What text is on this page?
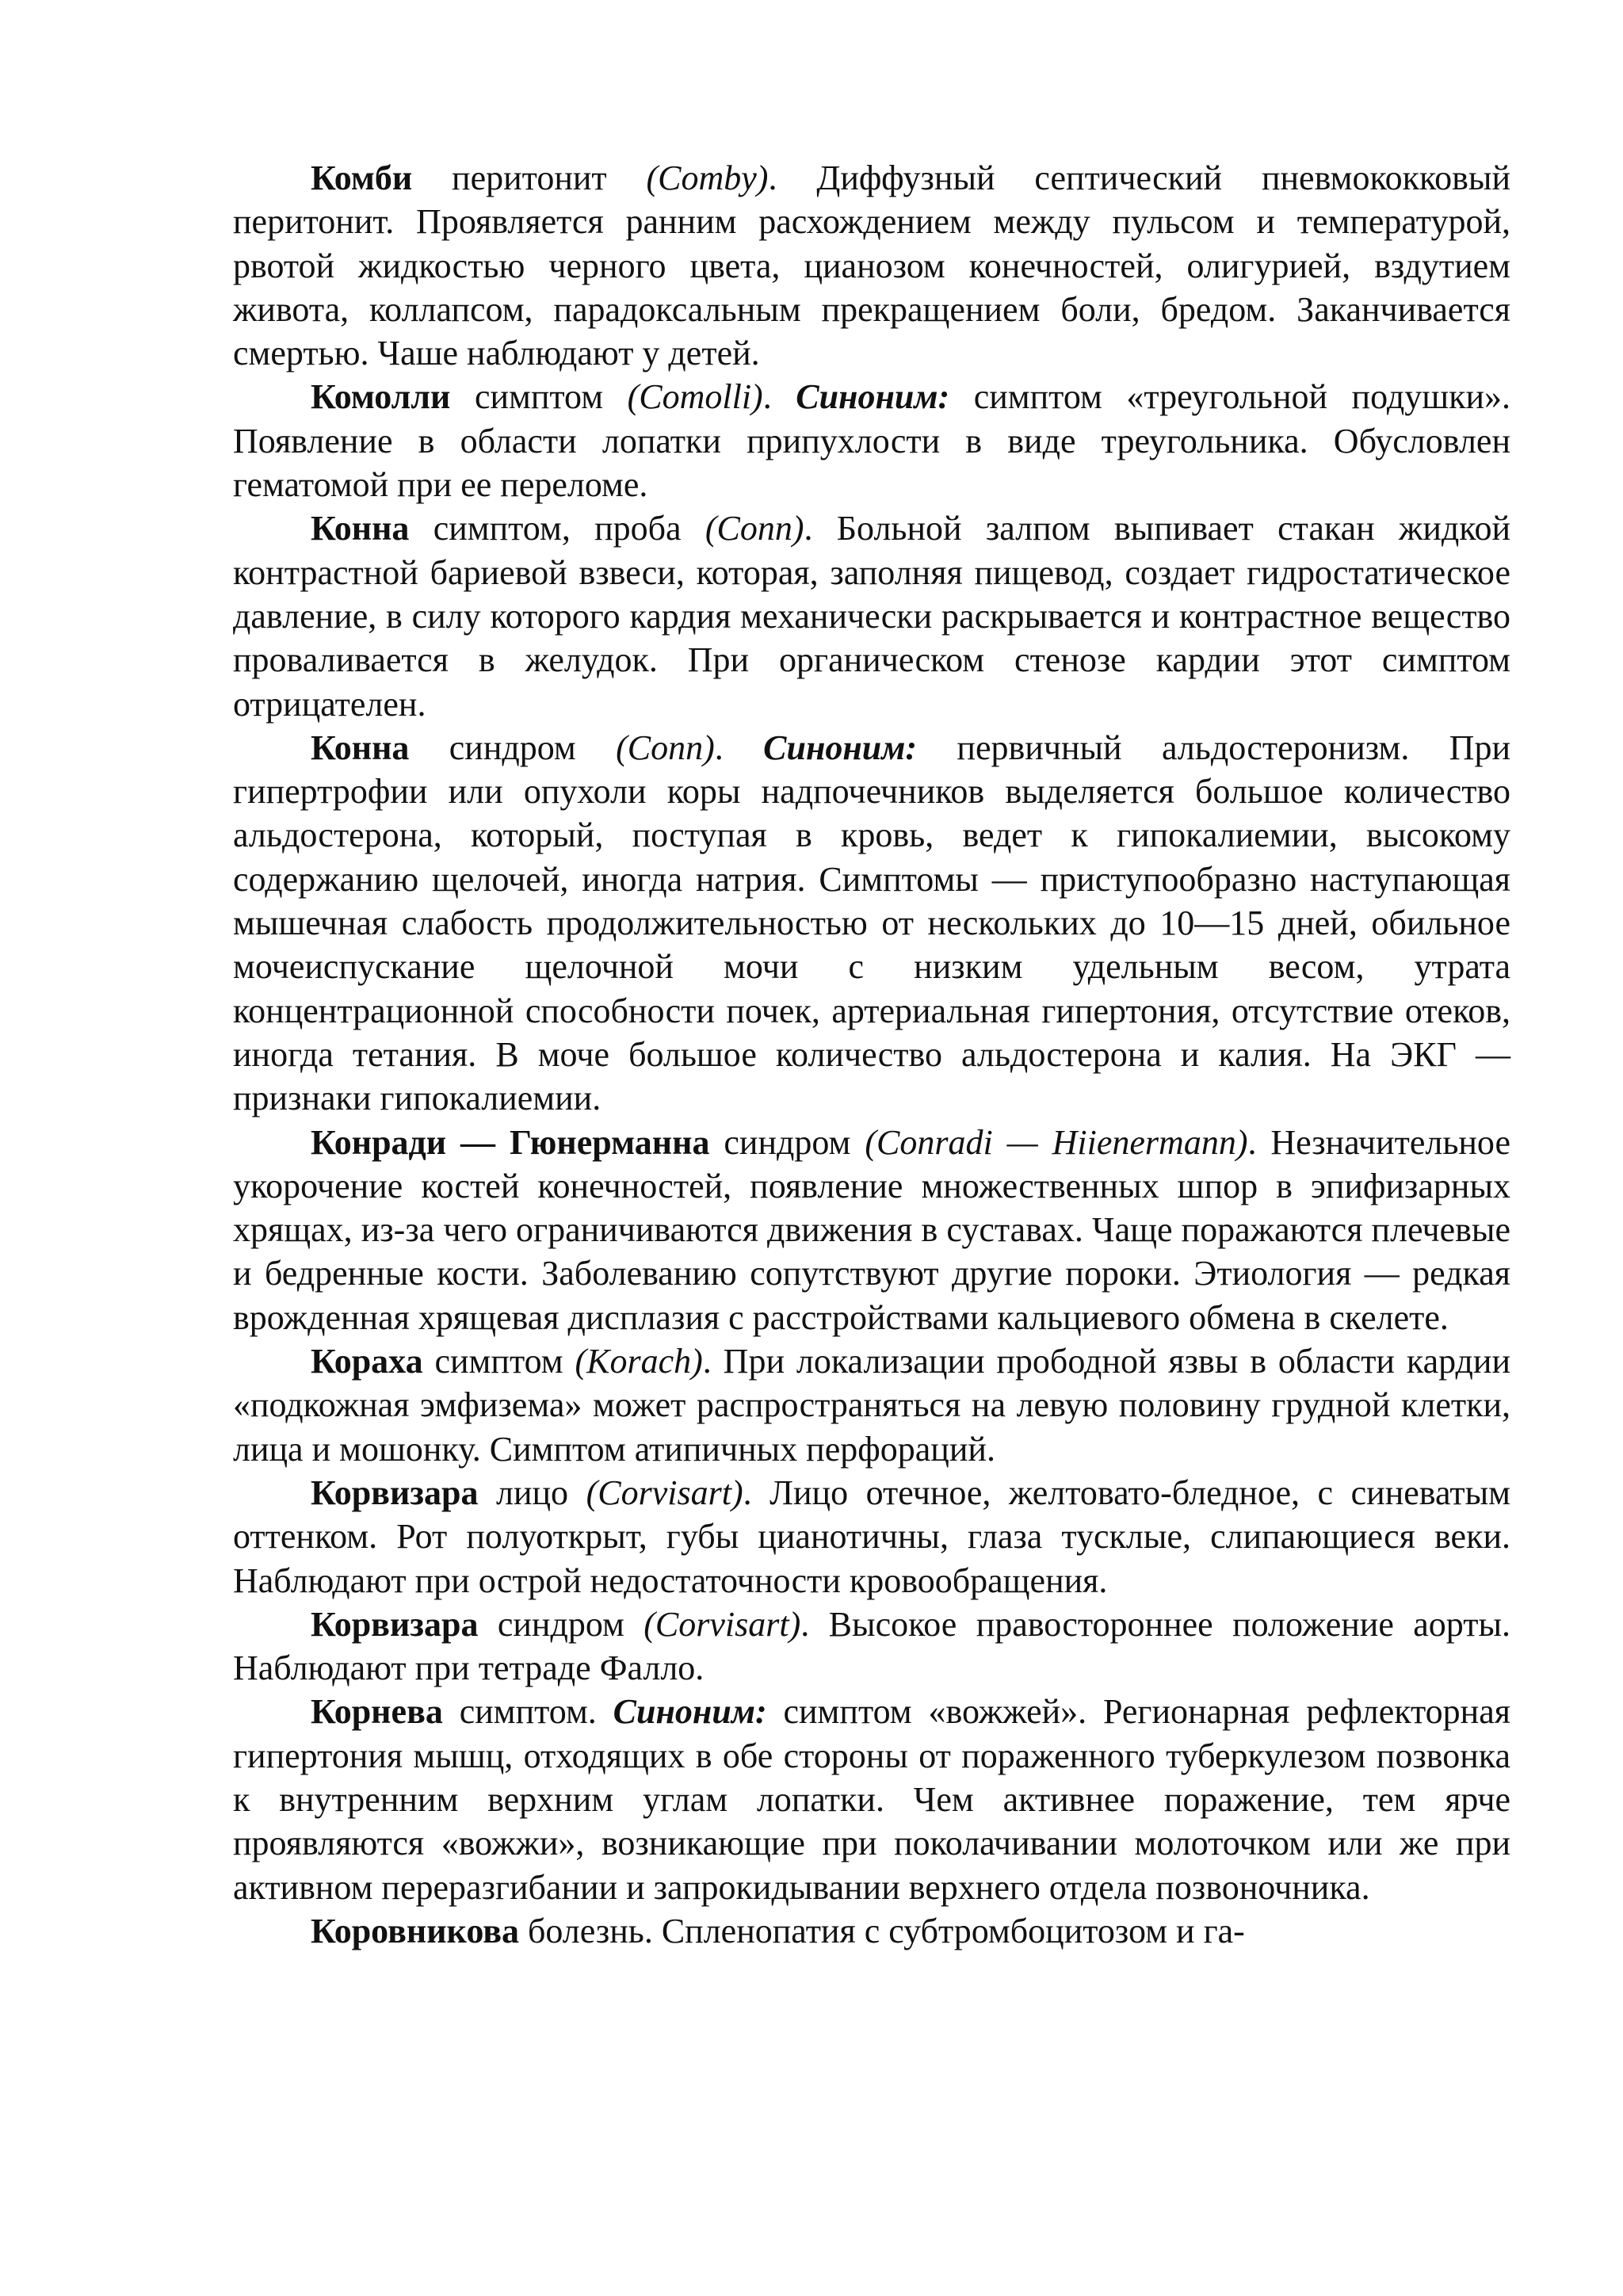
Комби перитонит (Comby). Диффузный септический пневмококковый перитонит. Проявляется ранним расхождением между пульсом и температурой, рвотой жидкостью черного цвета, цианозом конечностей, олигурией, вздутием живота, коллапсом, парадоксальным прекращением боли, бредом. Заканчивается смертью. Чаше наблюдают у детей.

Комолли симптом (Comolli). Синоним: симптом «треугольной подушки». Появление в области лопатки припухлости в виде треугольника. Обусловлен гематомой при ее переломе.

Конна симптом, проба (Conn). Больной залпом выпивает стакан жидкой контрастной бариевой взвеси, которая, заполняя пищевод, создает гидростатическое давление, в силу которого кардия механически раскрывается и контрастное вещество проваливается в желудок. При органическом стенозе кардии этот симптом отрицателен.

Конна синдром (Conn). Синоним: первичный альдостеронизм. При гипертрофии или опухоли коры надпочечников выделяется большое количество альдостерона, который, поступая в кровь, ведет к гипокалиемии, высокому содержанию щелочей, иногда натрия. Симптомы — приступообразно наступающая мышечная слабость продолжительностью от нескольких до 10—15 дней, обильное мочеиспускание щелочной мочи с низким удельным весом, утрата концентрационной способности почек, артериальная гипертония, отсутствие отеков, иногда тетания. В моче большое количество альдостерона и калия. На ЭКГ — признаки гипокалиемии.

Конради — Гюнерманна синдром (Conradi — Hiienermann). Незначительное укорочение костей конечностей, появление множественных шпор в эпифизарных хрящах, из-за чего ограничиваются движения в суставах. Чаще поражаются плечевые и бедренные кости. Заболеванию сопутствуют другие пороки. Этиология — редкая врожденная хрящевая дисплазия с расстройствами кальциевого обмена в скелете.

Кораха симптом (Korach). При локализации прободной язвы в области кардии «подкожная эмфизема» может распространяться на левую половину грудной клетки, лица и мошонку. Симптом атипичных перфораций.

Корвизара лицо (Corvisart). Лицо отечное, желтовато-бледное, с синеватым оттенком. Рот полуоткрыт, губы цианотичны, глаза тусклые, слипающиеся веки. Наблюдают при острой недостаточности кровообращения.

Корвизара синдром (Corvisart). Высокое правостороннее положение аорты. Наблюдают при тетраде Фалло.

Корнева симптом. Синоним: симптом «вожжей». Регионарная рефлекторная гипертония мышц, отходящих в обе стороны от пораженного туберкулезом позвонка к внутренним верхним углам лопатки. Чем активнее поражение, тем ярче проявляются «вожжи», возникающие при поколачивании молоточком или же при активном переразгибании и запрокидывании верхнего отдела позвоночника.

Коровникова болезнь. Спленопатия с субтромбоцитозом и га-
